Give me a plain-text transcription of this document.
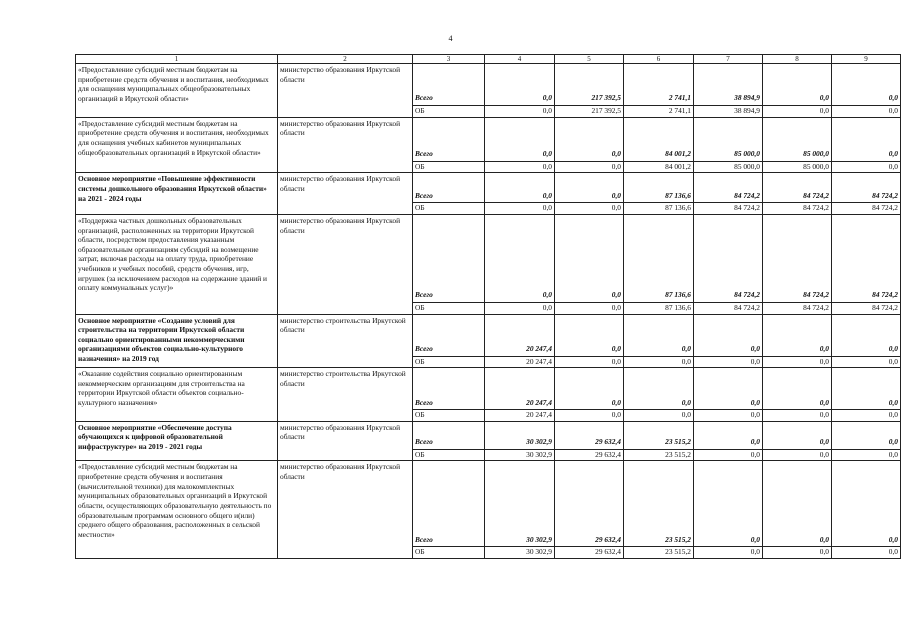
4
1	2	3	4	5	6	7	8	9
«Предоставление субсидий местным бюджетам на приобретение средств обучения и воспитания, необходимых для оснащения муниципальных общеобразовательных организаций в Иркутской области»	министерство образования Иркутской области	Всего	0,0	217 392,5	2 741,1	38 894,9	0,0	0,0
		ОБ	0,0	217 392,5	2 741,1	38 894,9	0,0	0,0
«Предоставление субсидий местным бюджетам на приобретение средств обучения и воспитания, необходимых для оснащения учебных кабинетов муниципальных общеобразовательных организаций в Иркутской области»	министерство образования Иркутской области	Всего	0,0	0,0	84 001,2	85 000,0	85 000,0	0,0
		ОБ	0,0	0,0	84 001,2	85 000,0	85 000,0	0,0
Основное мероприятие «Повышение эффективности системы дошкольного образования Иркутской области» на 2021 - 2024 годы	министерство образования Иркутской области	Всего	0,0	0,0	87 136,6	84 724,2	84 724,2	84 724,2
		ОБ	0,0	0,0	87 136,6	84 724,2	84 724,2	84 724,2
«Поддержка частных дошкольных образовательных организаций, расположенных на территории Иркутской области, посредством предоставления указанным образовательным организациям субсидий на возмещение затрат, включая расходы на оплату труда, приобретение учебников и учебных пособий, средств обучения, игр, игрушек (за исключением расходов на содержание зданий и оплату коммунальных услуг)»	министерство образования Иркутской области	Всего	0,0	0,0	87 136,6	84 724,2	84 724,2	84 724,2
		ОБ	0,0	0,0	87 136,6	84 724,2	84 724,2	84 724,2
Основное мероприятие «Создание условий для строительства на территории Иркутской области социально ориентированными некоммерческими организациями объектов социально-культурного назначения» на 2019 год	министерство строительства Иркутской области	Всего	20 247,4	0,0	0,0	0,0	0,0	0,0
		ОБ	20 247,4	0,0	0,0	0,0	0,0	0,0
«Оказание содействия социально ориентированным некоммерческим организациям для строительства на территории Иркутской области объектов социально-культурного назначения»	министерство строительства Иркутской области	Всего	20 247,4	0,0	0,0	0,0	0,0	0,0
		ОБ	20 247,4	0,0	0,0	0,0	0,0	0,0
Основное мероприятие «Обеспечение доступа обучающихся к цифровой образовательной инфраструктуре» на 2019 - 2021 годы	министерство образования Иркутской области	Всего	30 302,9	29 632,4	23 515,2	0,0	0,0	0,0
		ОБ	30 302,9	29 632,4	23 515,2	0,0	0,0	0,0
«Предоставление субсидий местным бюджетам на приобретение средств обучения и воспитания (вычислительной техники) для малокомплектных муниципальных образовательных организаций в Иркутской области, осуществляющих образовательную деятельность по образовательным программам основного общего и(или) среднего общего образования, расположенных в сельской местности»	министерство образования Иркутской области	Всего	30 302,9	29 632,4	23 515,2	0,0	0,0	0,0
		ОБ	30 302,9	29 632,4	23 515,2	0,0	0,0	0,0
